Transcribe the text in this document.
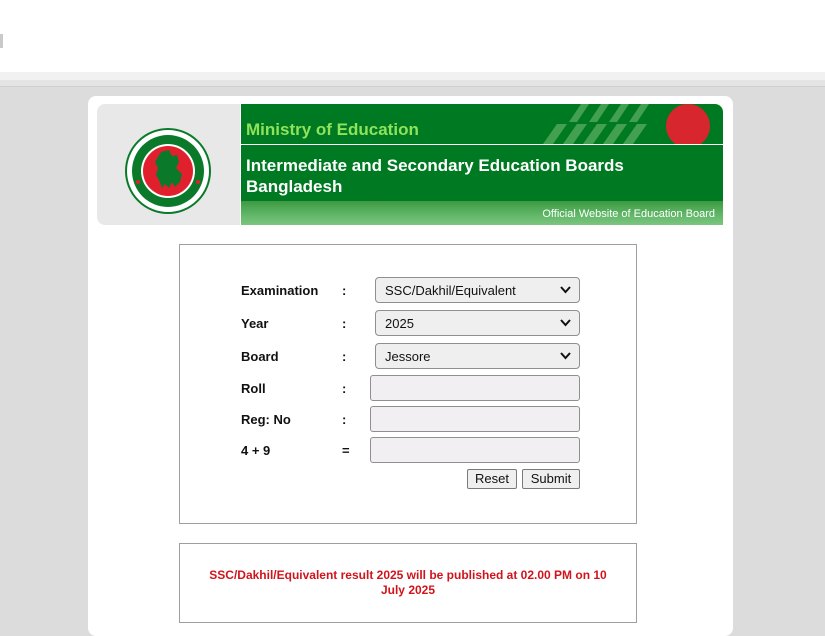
Ministry of Education
Intermediate and Secondary Education Boards Bangladesh
Official Website of Education Board
Examination :	SSC/Dakhil/Equivalent
Year	:	2025
Board	:	Jessore
Roll	:
Reg: No	:
4 + 9	=
Reset	Submit
SSC/Dakhil/Equivalent result 2025 will be published at 02.00 PM on 10 July 2025
